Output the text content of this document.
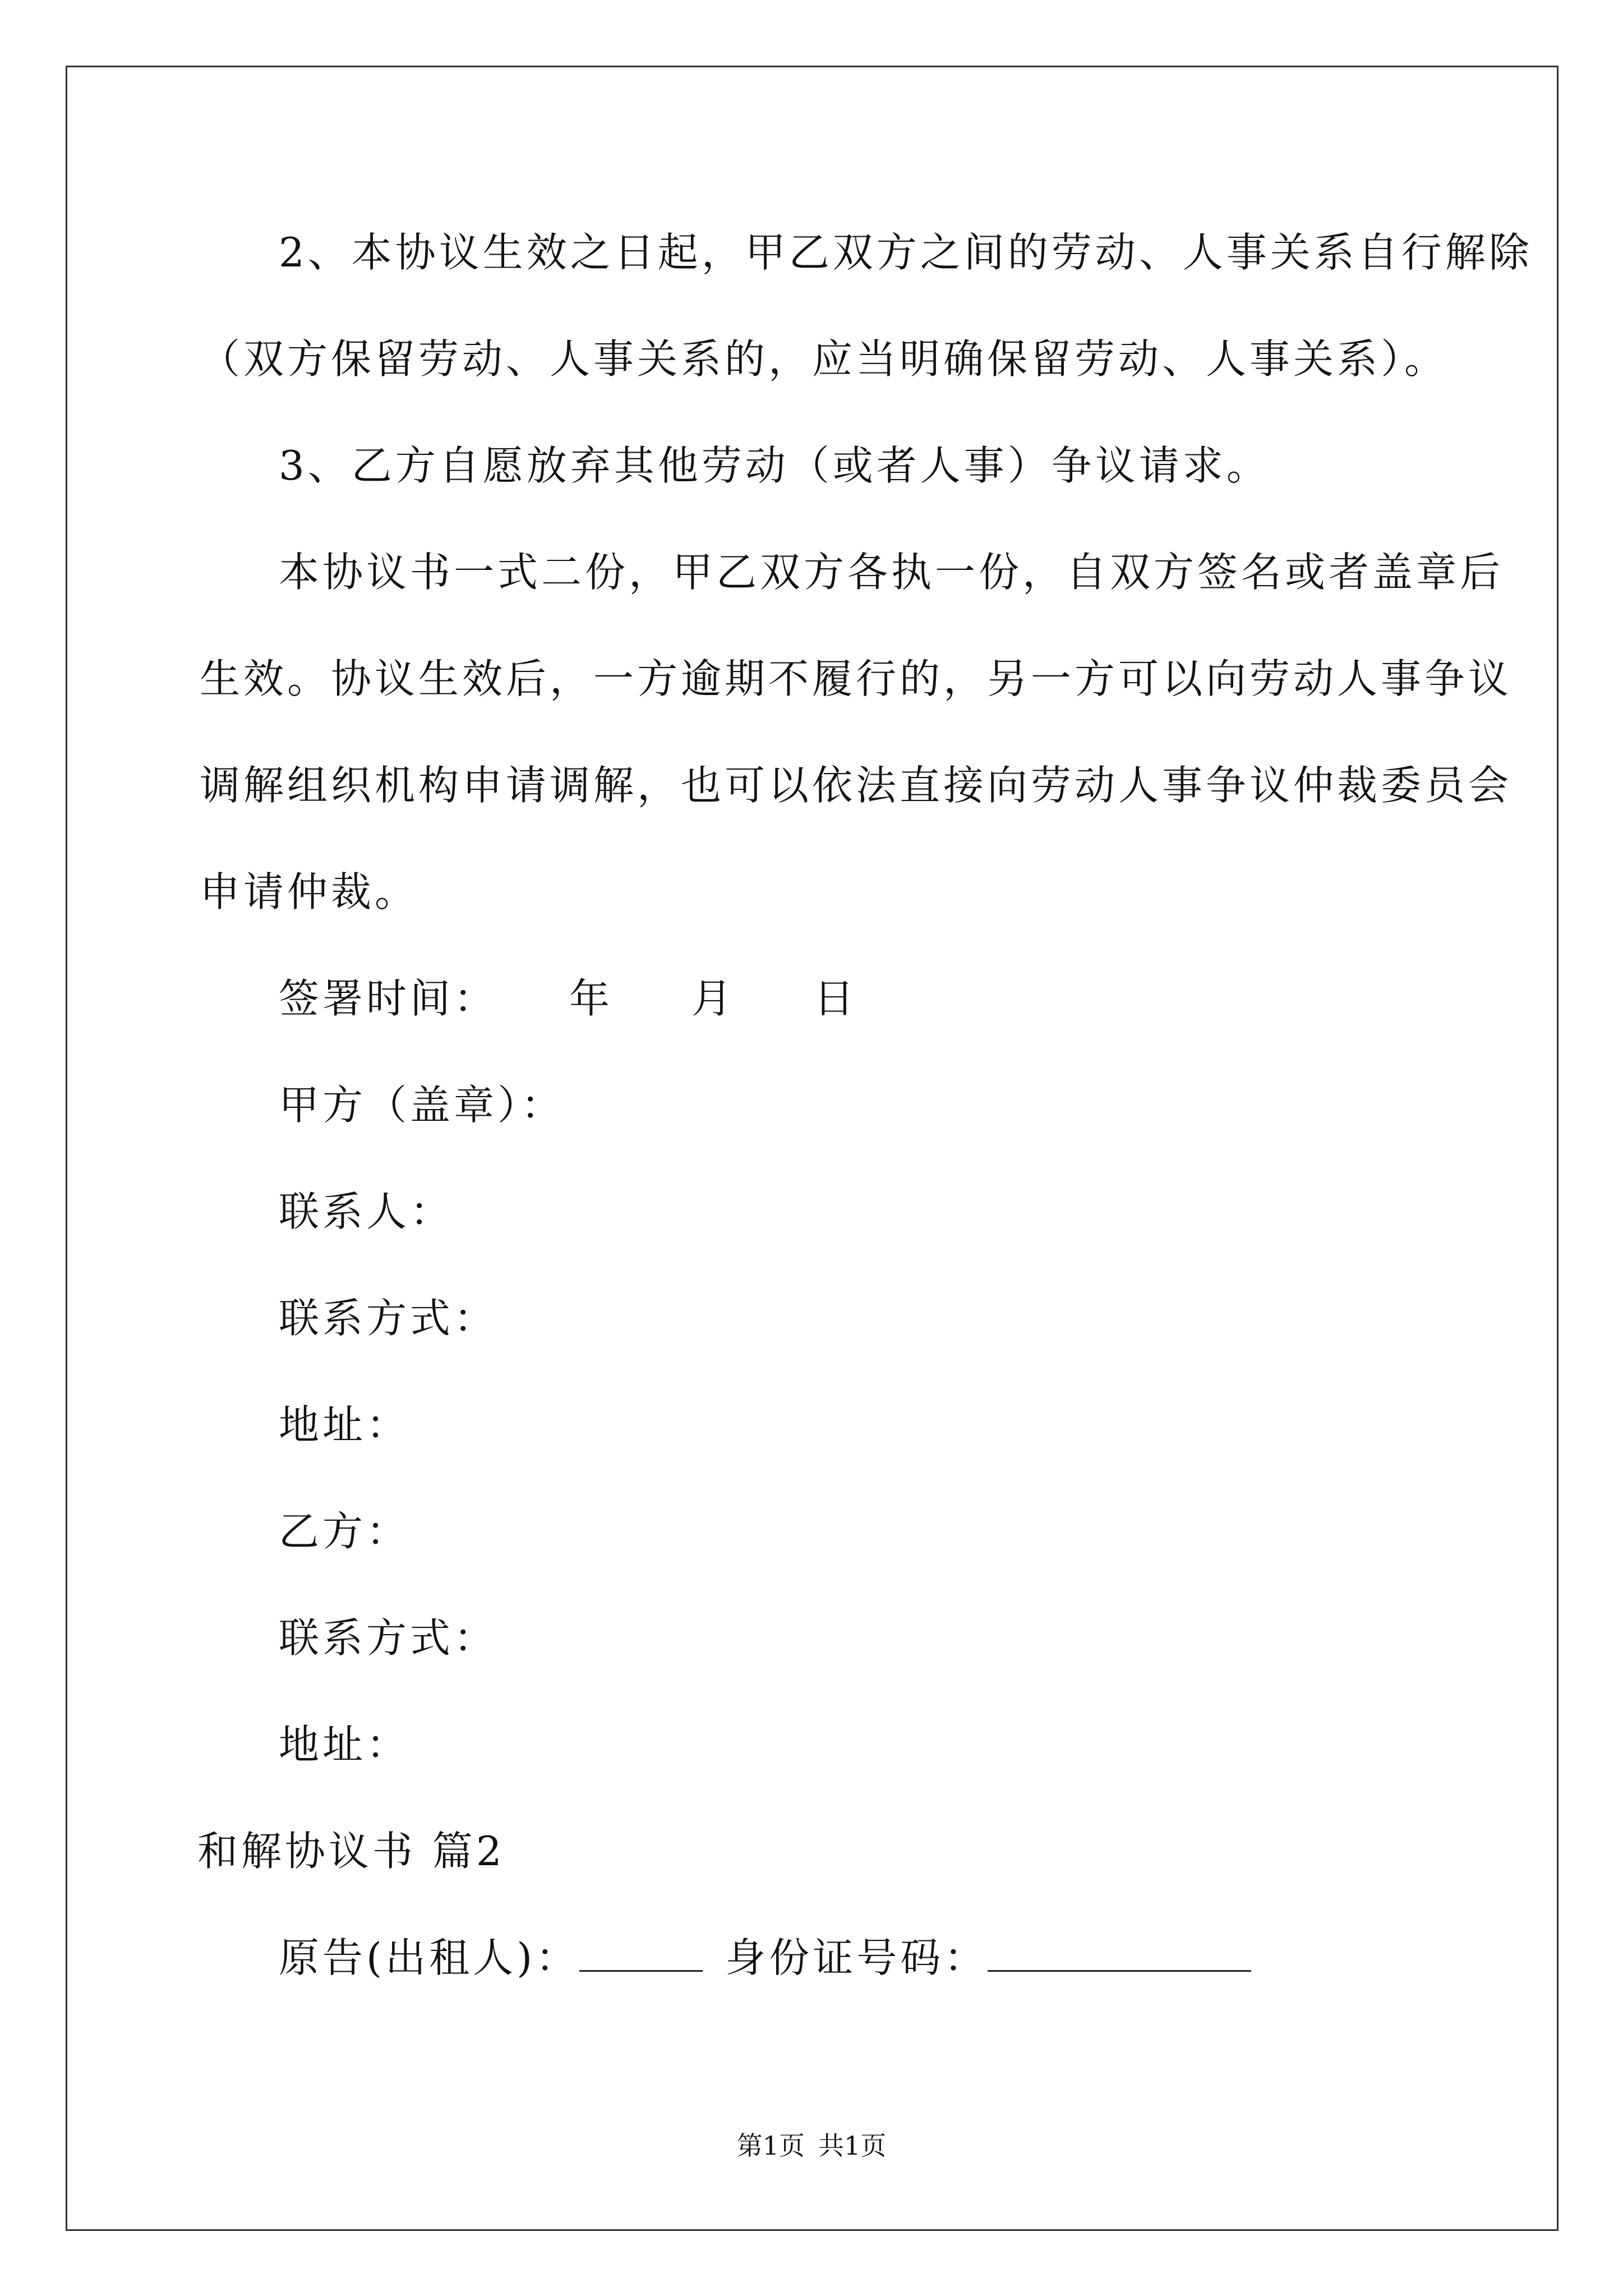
2、本协议生效之日起，甲乙双方之间的劳动、人事关系自行解除
（双方保留劳动、人事关系的，应当明确保留劳动、人事关系）。
3、乙方自愿放弃其他劳动（或者人事）争议请求。
本协议书一式二份，甲乙双方各执一份，自双方签名或者盖章后
生效。协议生效后，一方逾期不履行的，另一方可以向劳动人事争议
调解组织机构申请调解，也可以依法直接向劳动人事争议仲裁委员会
申请仲裁。
签署时间： 年 月 日
甲方（盖章）：
联系人：
联系方式：
地址：
乙方：
联系方式：
地址：
和解协议书 篇2
原告(出租人)：	身份证号码：
第1页 共1页
